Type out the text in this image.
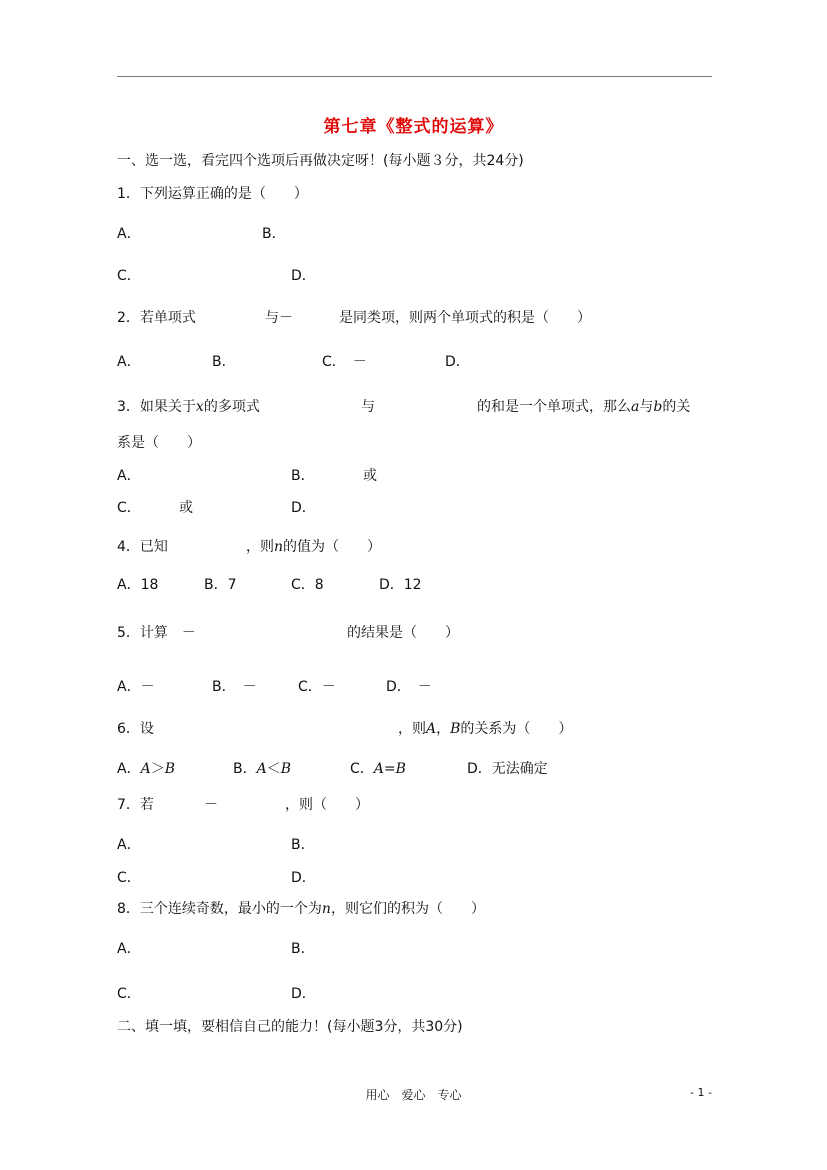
第七章《整式的运算》
一、选一选，看完四个选项后再做决定呀！(每小题３分，共24分)
1．下列运算正确的是（　　）
A．	B．
C．	D．
2．若单项式	与－	是同类项，则两个单项式的积是（　　）
A．	B．	C．　－	D．
3．如果关于x的多项式	与	的和是一个单项式，那么a与b的关
系是（　　）
A．	B．	或
C．	或	D．
4．已知	，则n的值为（　　）
A．18	B．7	C．8	D．12
5．计算　－	的结果是（　　）
A．－	B．　－	C．－	D．　－
6．设	，则A，B的关系为（　　）
A．A＞B	B．A＜B	C．A=B	D．无法确定
7．若	－	，则（　　）
A．	B．
C．	D．
8．三个连续奇数，最小的一个为n，则它们的积为（　　）
A．	B．
C．	D．
二、填一填，要相信自己的能力！(每小题3分，共30分)
用心　爱心　专心	- 1 -
